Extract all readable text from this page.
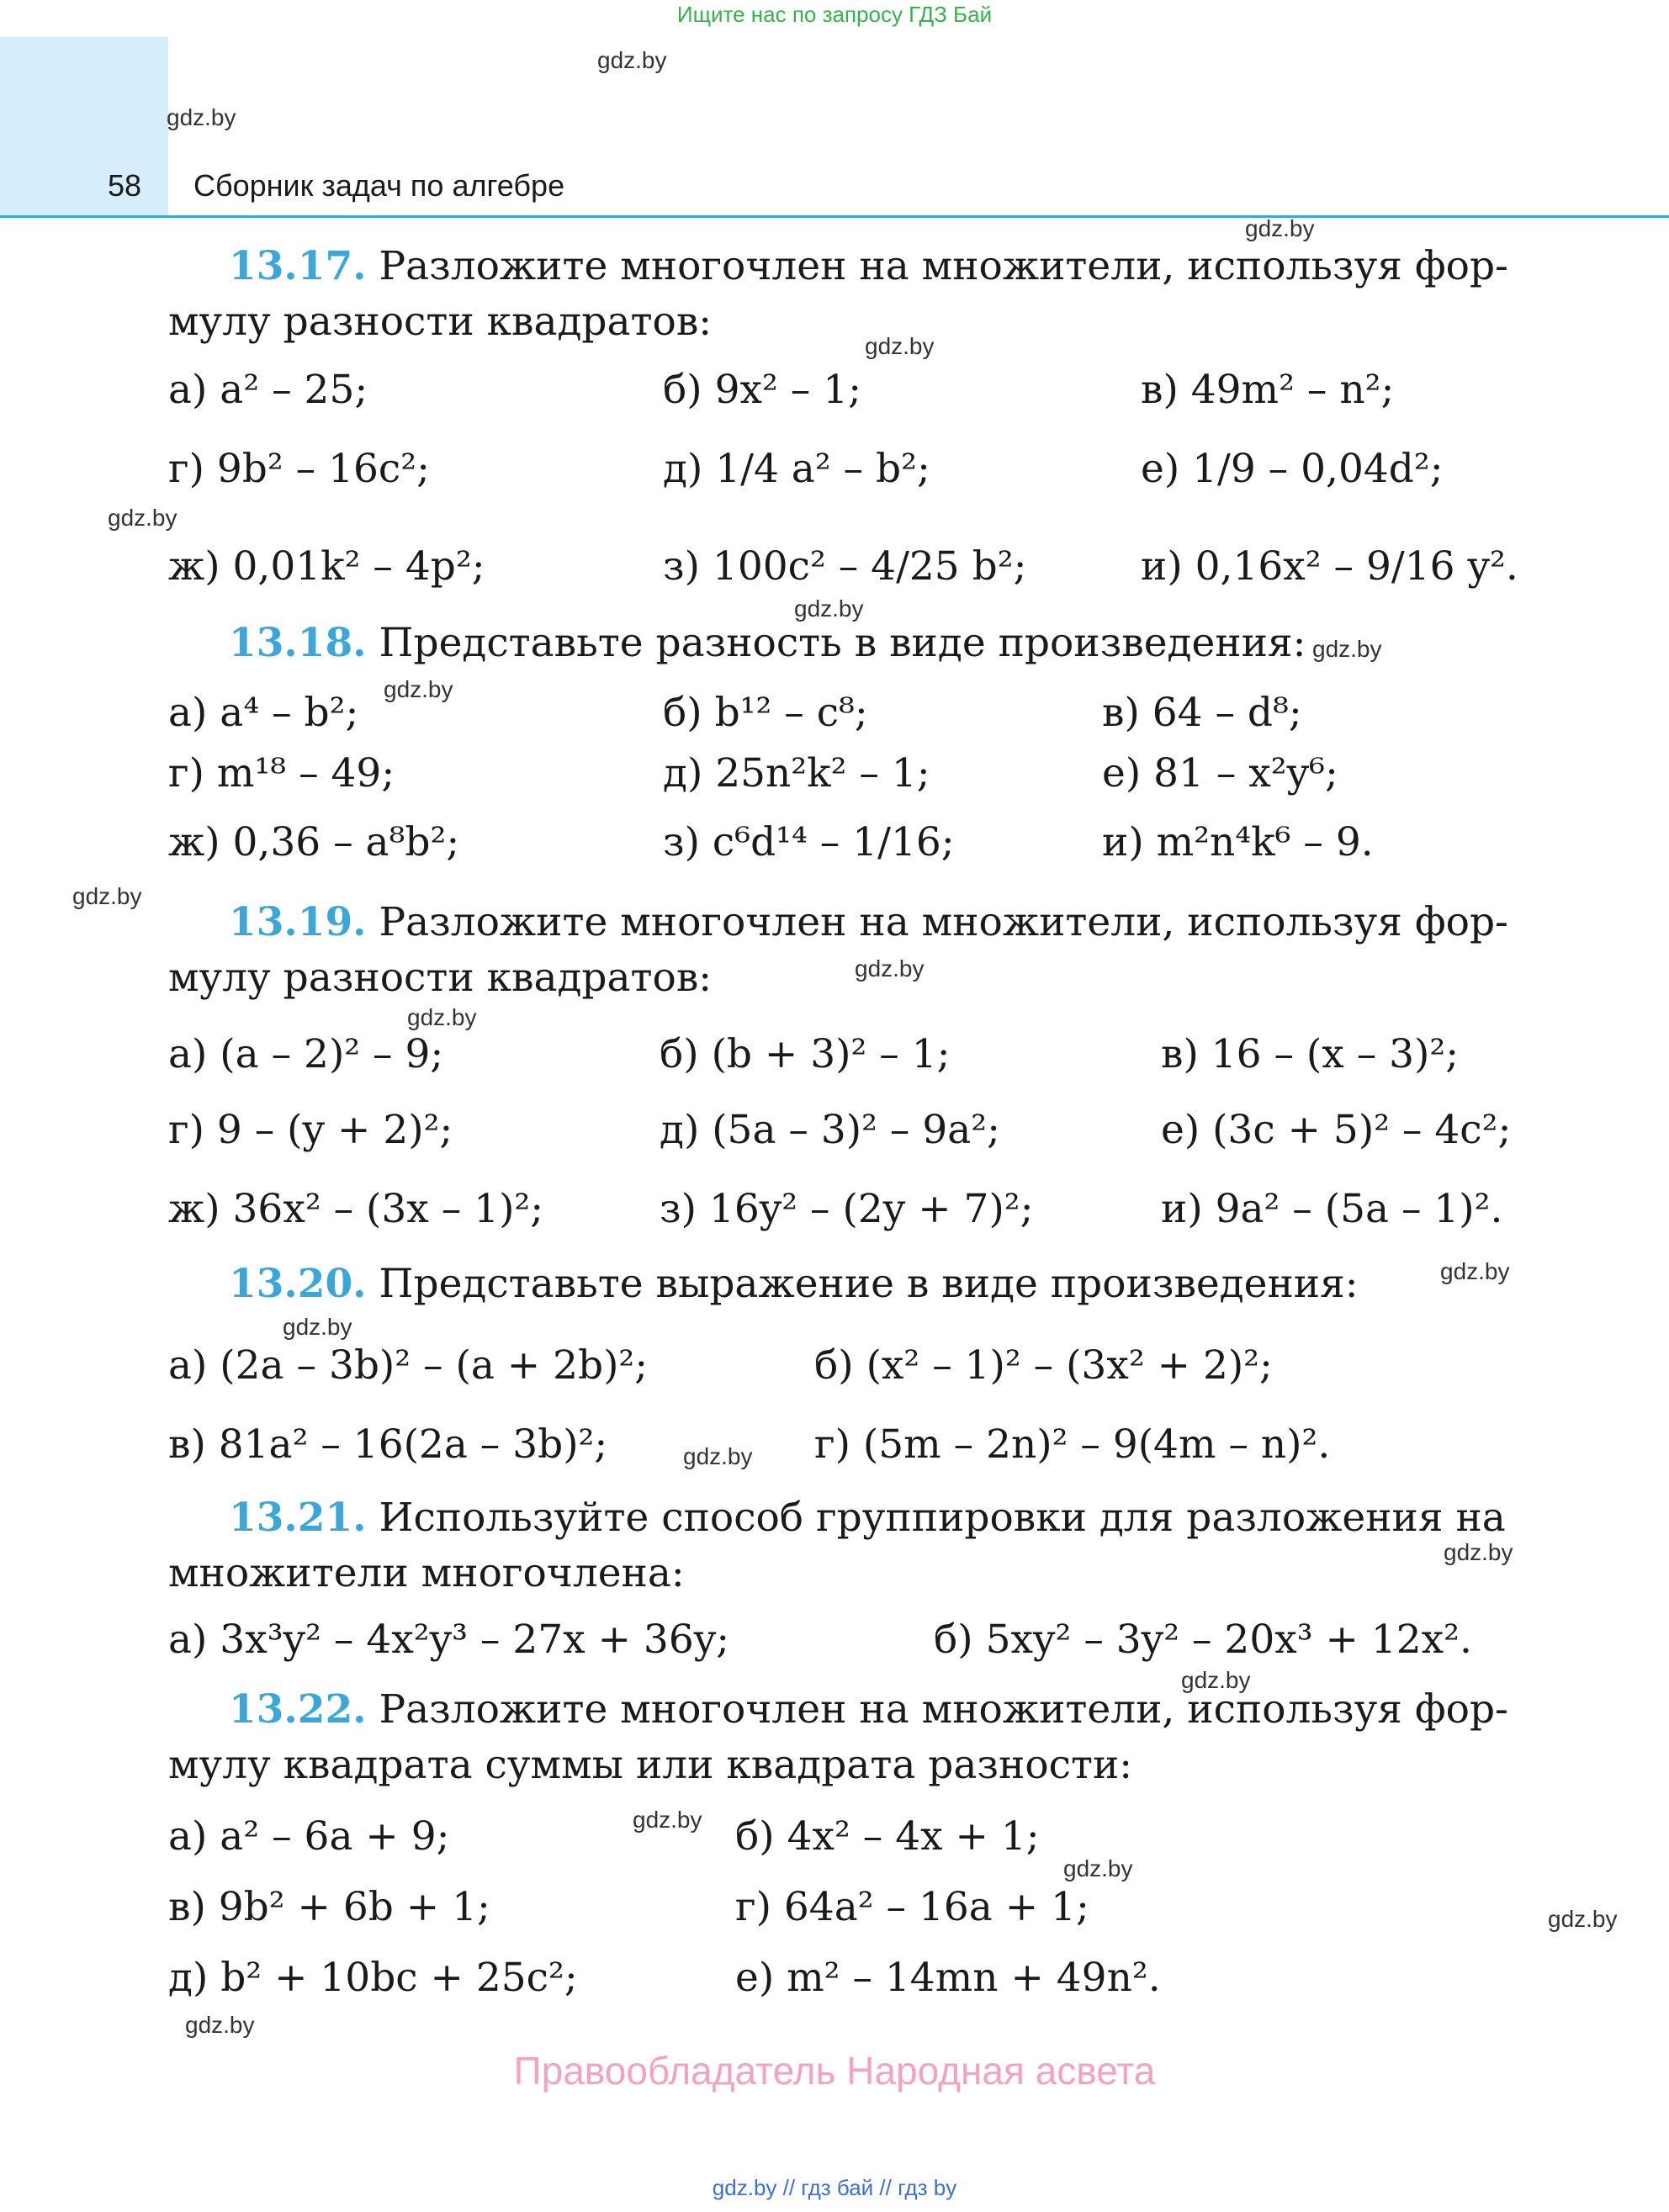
Ищите нас по запросу ГДЗ Бай
58 Сборник задач по алгебре
gdz.by
gdz.by
gdz.by
gdz.by
gdz.by
gdz.by
gdz.by
gdz.by
gdz.by
gdz.by
gdz.by
gdz.by
gdz.by
gdz.by
gdz.by
gdz.by
gdz.by
gdz.by
gdz.by
gdz.by
13.17. Разложите многочлен на множители, используя фор-
мулу разности квадратов:
а) a² – 25;	б) 9x² – 1;	в) 49m² – n²;
г) 9b² – 16c²;	д) 1/4 a² – b²;	е) 1/9 – 0,04d²;
ж) 0,01k² – 4p²;	з) 100c² – 4/25 b²;	и) 0,16x² – 9/16 y².
13.18. Представьте разность в виде произведения:
а) a⁴ – b²;	б) b¹² – c⁸;	в) 64 – d⁸;
г) m¹⁸ – 49;	д) 25n²k² – 1;	е) 81 – x²y⁶;
ж) 0,36 – a⁸b²;	з) c⁶d¹⁴ – 1/16;	и) m²n⁴k⁶ – 9.
13.19. Разложите многочлен на множители, используя фор-
мулу разности квадратов:
а) (a – 2)² – 9;	б) (b + 3)² – 1;	в) 16 – (x – 3)²;
г) 9 – (y + 2)²;	д) (5a – 3)² – 9a²;	е) (3c + 5)² – 4c²;
ж) 36x² – (3x – 1)²;	з) 16y² – (2y + 7)²;	и) 9a² – (5a – 1)².
13.20. Представьте выражение в виде произведения:
а) (2a – 3b)² – (a + 2b)²;	б) (x² – 1)² – (3x² + 2)²;
в) 81a² – 16(2a – 3b)²;	г) (5m – 2n)² – 9(4m – n)².
13.21. Используйте способ группировки для разложения на
множители многочлена:
а) 3x³y² – 4x²y³ – 27x + 36y;	б) 5xy² – 3y² – 20x³ + 12x².
13.22. Разложите многочлен на множители, используя фор-
мулу квадрата суммы или квадрата разности:
а) a² – 6a + 9;	б) 4x² – 4x + 1;
в) 9b² + 6b + 1;	г) 64a² – 16a + 1;
д) b² + 10bc + 25c²;	е) m² – 14mn + 49n².
Правообладатель Народная асвета
gdz.by // гдз бай // гдз by
